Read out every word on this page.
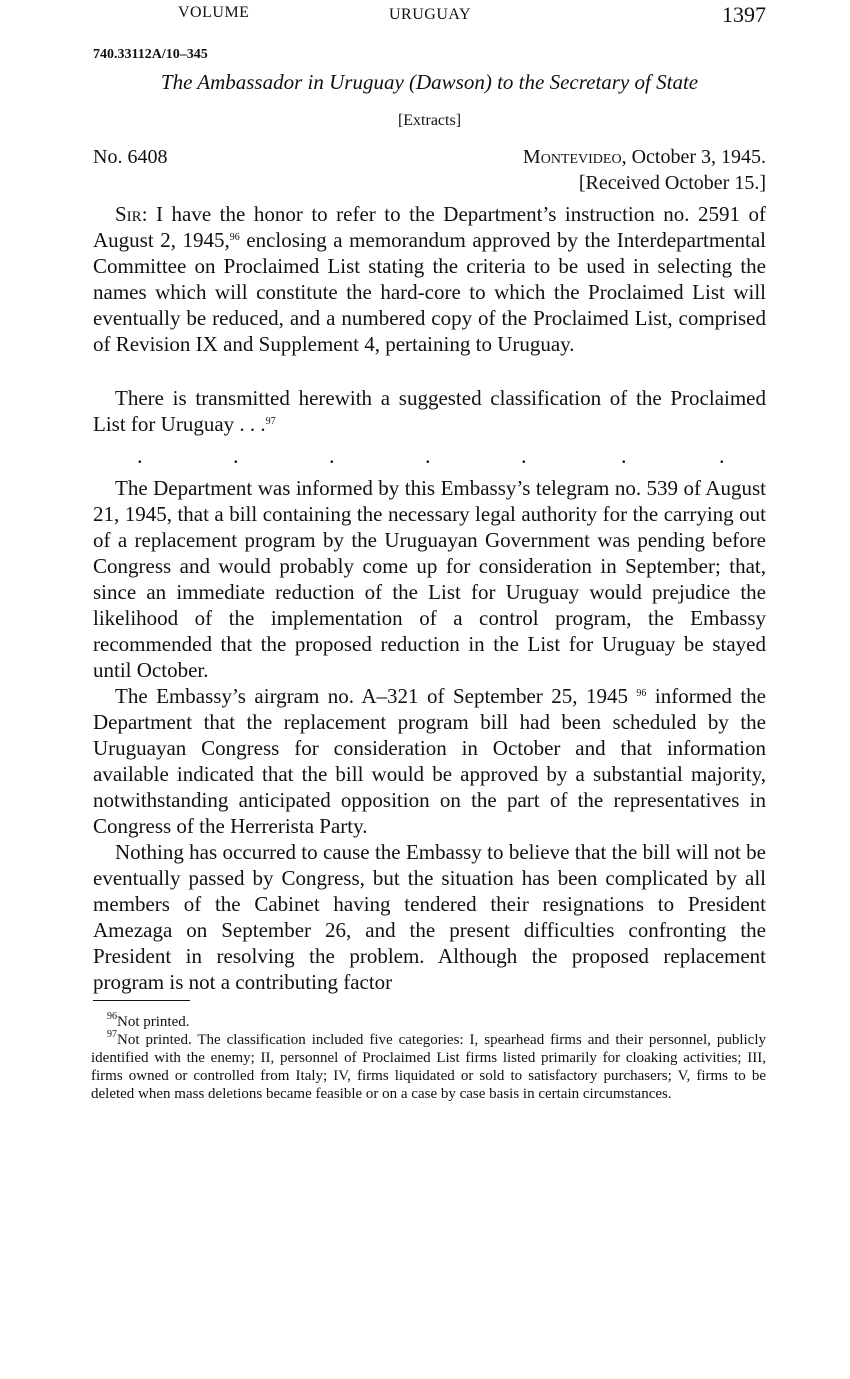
VOLUME	URUGUAY	1397
740.33112A/10–345
The Ambassador in Uruguay (Dawson) to the Secretary of State
[Extracts]
No. 6408	Montevideo, October 3, 1945.
[Received October 15.]

Sir: I have the honor to refer to the Department’s instruction no. 2591 of August 2, 1945,96 enclosing a memorandum approved by the Interdepartmental Committee on Proclaimed List stating the criteria to be used in selecting the names which will constitute the hard-core to which the Proclaimed List will eventually be reduced, and a numbered copy of the Proclaimed List, comprised of Revision IX and Supplement 4, pertaining to Uruguay.

There is transmitted herewith a suggested classification of the Proclaimed List for Uruguay . . .$^{97}$

.	.	.	.	.	.	.

The Department was informed by this Embassy’s telegram no. 539 of August 21, 1945, that a bill containing the necessary legal authority for the carrying out of a replacement program by the Uruguayan Government was pending before Congress and would probably come up for consideration in September; that, since an immediate reduction of the List for Uruguay would prejudice the likelihood of the implementation of a control program, the Embassy recommended that the proposed reduction in the List for Uruguay be stayed until October.

The Embassy’s airgram no. A–321 of September 25, 1945 $^{96}$ informed the Department that the replacement program bill had been scheduled by the Uruguayan Congress for consideration in October and that information available indicated that the bill would be approved by a substantial majority, notwithstanding anticipated opposition on the part of the representatives in Congress of the Herrerista Party.

Nothing has occurred to cause the Embassy to believe that the bill will not be eventually passed by Congress, but the situation has been complicated by all members of the Cabinet having tendered their resignations to President Amezaga on September 26, and the present difficulties confronting the President in resolving the problem. Although the proposed replacement program is not a contributing factor

$^{96}$Not printed.

$^{97}$Not printed. The classification included five categories: I, spearhead firms and their personnel, publicly identified with the enemy; II, personnel of Proclaimed List firms listed primarily for cloaking activities; III, firms owned or controlled from Italy; IV, firms liquidated or sold to satisfactory purchasers; V, firms to be deleted when mass deletions became feasible or on a case by case basis in certain circumstances.
